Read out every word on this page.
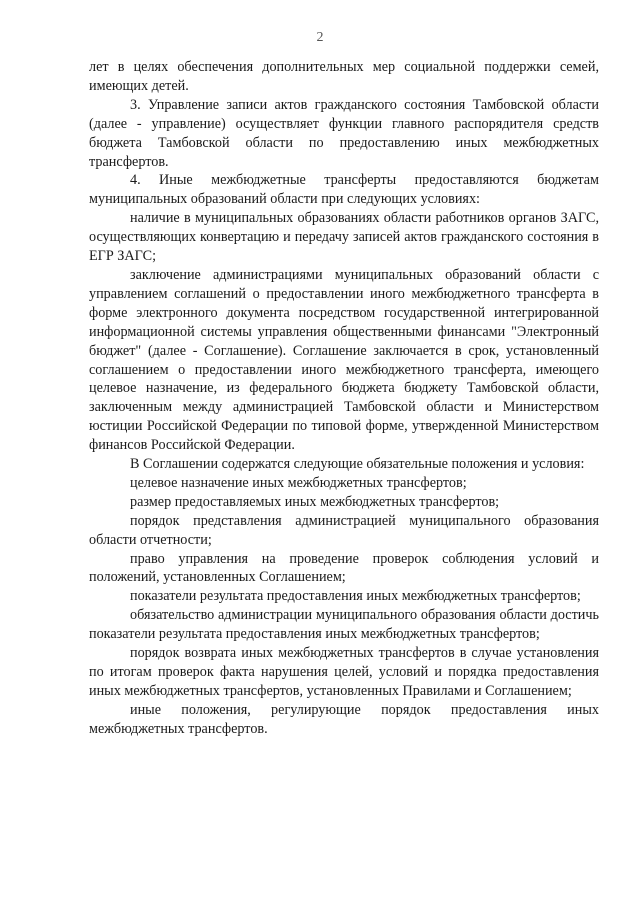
2

лет в целях обеспечения дополнительных мер социальной поддержки семей, имеющих детей.

3. Управление записи актов гражданского состояния Тамбовской области (далее - управление) осуществляет функции главного распорядителя средств бюджета Тамбовской области по предоставлению иных межбюджетных трансфертов.

4. Иные межбюджетные трансферты предоставляются бюджетам муниципальных образований области при следующих условиях:

наличие в муниципальных образованиях области работников органов ЗАГС, осуществляющих конвертацию и передачу записей актов гражданского состояния в ЕГР ЗАГС;

заключение администрациями муниципальных образований области с управлением соглашений о предоставлении иного межбюджетного трансферта в форме электронного документа посредством государственной интегрированной информационной системы управления общественными финансами "Электронный бюджет" (далее - Соглашение). Соглашение заключается в срок, установленный соглашением о предоставлении иного межбюджетного трансферта, имеющего целевое назначение, из федерального бюджета бюджету Тамбовской области, заключенным между администрацией Тамбовской области и Министерством юстиции Российской Федерации по типовой форме, утвержденной Министерством финансов Российской Федерации.

В Соглашении содержатся следующие обязательные положения и условия:

целевое назначение иных межбюджетных трансфертов;

размер предоставляемых иных межбюджетных трансфертов;

порядок представления администрацией муниципального образования области отчетности;

право управления на проведение проверок соблюдения условий и положений, установленных Соглашением;

показатели результата предоставления иных межбюджетных трансфертов;

обязательство администрации муниципального образования области достичь показатели результата предоставления иных межбюджетных трансфертов;

порядок возврата иных межбюджетных трансфертов в случае установления по итогам проверок факта нарушения целей, условий и порядка предоставления иных межбюджетных трансфертов, установленных Правилами и Соглашением;

иные положения, регулирующие порядок предоставления иных межбюджетных трансфертов.
